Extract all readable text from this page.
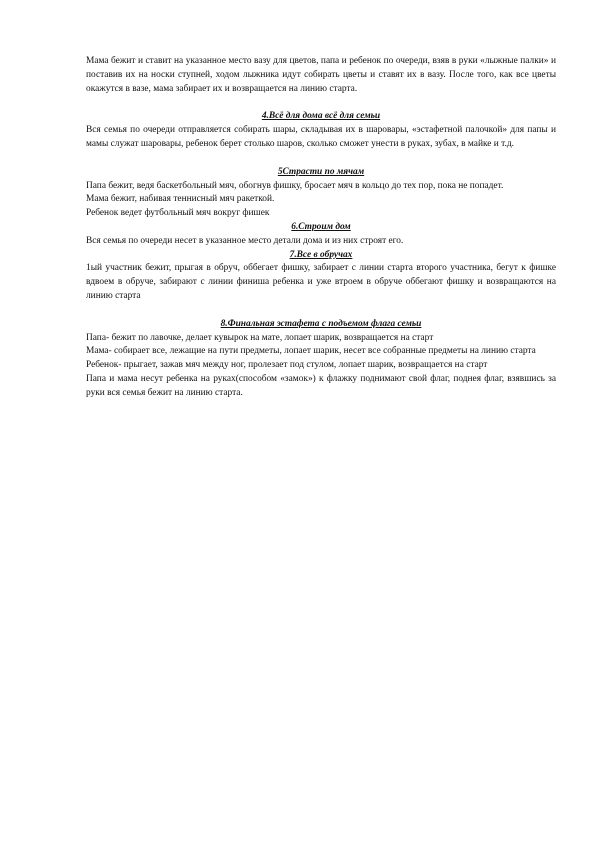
Мама бежит и ставит на указанное место вазу для цветов, папа и ребенок по очереди, взяв в руки «лыжные палки» и поставив их на носки ступней, ходом лыжника идут собирать цветы и ставят их в вазу. После того, как все цветы окажутся в вазе, мама забирает их и возвращается на линию старта.

4.Всё для дома всё для семьи

Вся семья по очереди отправляется собирать шары, складывая их в шаровары, «эстафетной палочкой» для папы и мамы служат шаровары, ребенок берет столько шаров, сколько сможет унести в руках, зубах, в майке и т.д.

5Страсти по мячам

Папа бежит, ведя баскетбольный мяч, обогнув фишку, бросает мяч в кольцо до тех пор, пока не попадет.

Мама бежит, набивая теннисный мяч ракеткой.

Ребенок ведет футбольный мяч вокруг фишек

6.Строим дом

Вся семья по очереди несет в указанное место детали дома и из них строят его.

7.Все в обручах

1ый участник бежит, прыгая в обруч, оббегает фишку, забирает с линии старта второго участника, бегут к фишке вдвоем в обруче, забирают с линии финиша ребенка и уже втроем в обруче оббегают фишку и возвращаются на линию старта

8.Финальная эстафета с подъемом флага семьи

Папа- бежит по лавочке, делает кувырок на мате, лопает шарик, возвращается на старт

Мама- собирает все, лежащие на пути предметы, лопает шарик, несет все собранные предметы на линию старта

Ребенок- прыгает, зажав мяч между ног, пролезает под стулом, лопает шарик, возвращается на старт

Папа и мама несут ребенка на руках(способом «замок») к флажку поднимают свой флаг, поднея флаг, взявшись за руки вся семья бежит на линию старта.
